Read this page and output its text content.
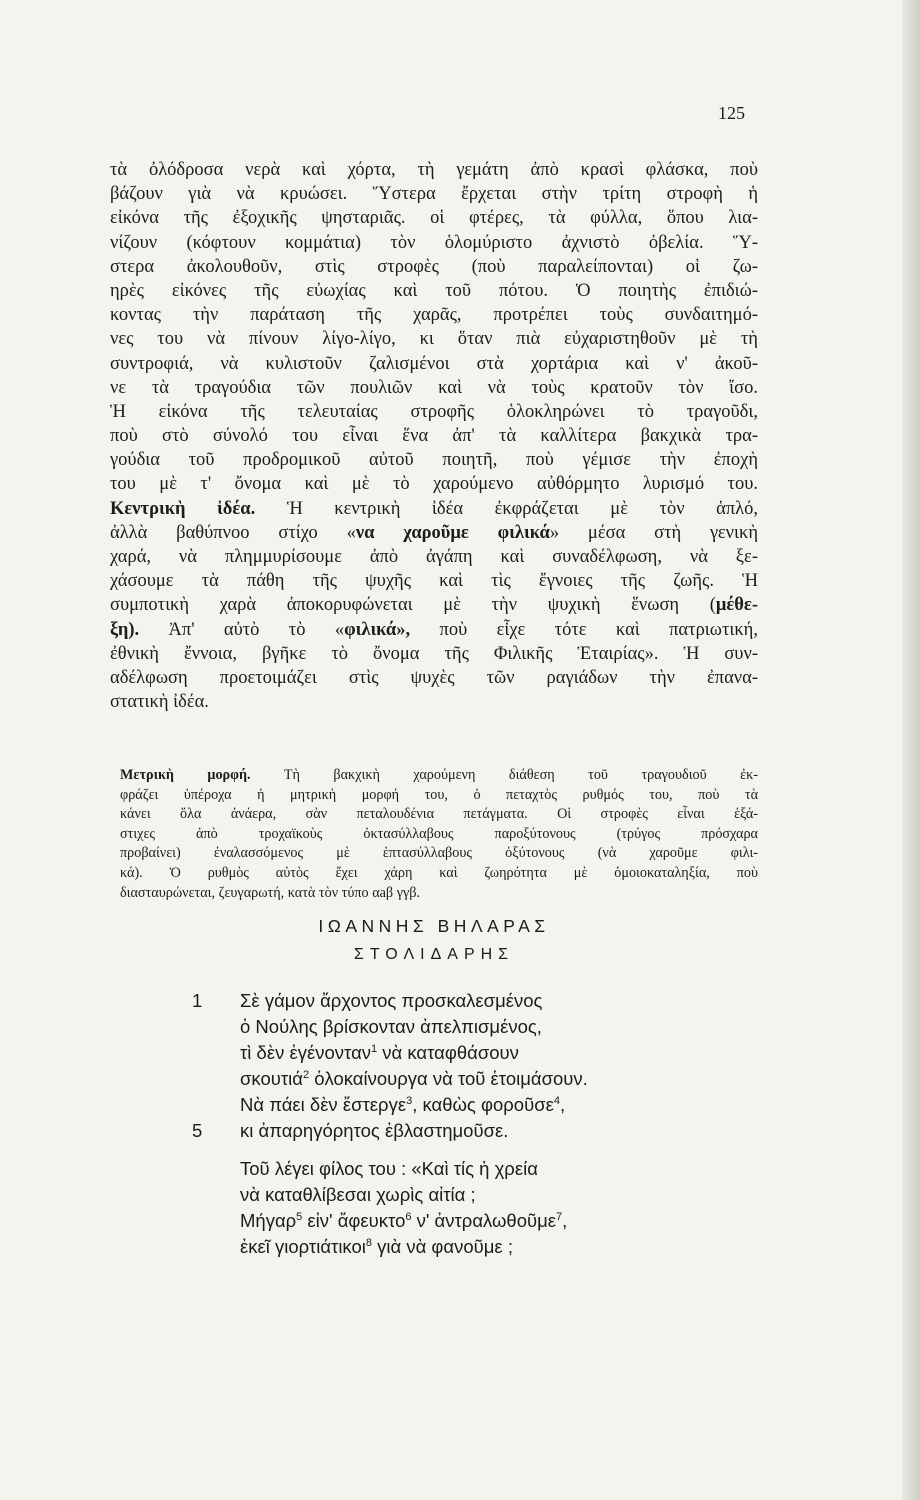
125
τὰ ὀλόδροσα νερὰ καὶ χόρτα, τὴ γεμάτη ἀπὸ κρασὶ φλάσκα, ποὺ
βάζουν γιὰ νὰ κρυώσει. Ὕστερα ἔρχεται στὴν τρίτη στροφὴ ἡ
εἰκόνα τῆς ἐξοχικῆς ψησταριᾶς. οἱ φτέρες, τὰ φύλλα, ὅπου λια-
νίζουν (κόφτουν κομμάτια) τὸν ὁλομύριστο ἀχνιστὸ ὀβελία. Ὕ-
στερα ἀκολουθοῦν, στὶς στροφὲς (ποὺ παραλείπονται) οἱ ζω-
ηρὲς εἰκόνες τῆς εὐωχίας καὶ τοῦ πότου. Ὁ ποιητὴς ἐπιδιώ-
κοντας τὴν παράταση τῆς χαρᾶς, προτρέπει τοὺς συνδαιτημό-
νες του νὰ πίνουν λίγο-λίγο, κι ὅταν πιὰ εὐχαριστηθοῦν μὲ τὴ
συντροφιά, νὰ κυλιστοῦν ζαλισμένοι στὰ χορτάρια καὶ ν' ἀκοῦ-
νε τὰ τραγούδια τῶν πουλιῶν καὶ νὰ τοὺς κρατοῦν τὸν ἴσο.
Ἡ εἰκόνα τῆς τελευταίας στροφῆς ὁλοκληρώνει τὸ τραγοῦδι,
ποὺ στὸ σύνολό του εἶναι ἕνα ἀπ' τὰ καλλίτερα βακχικὰ τρα-
γούδια τοῦ προδρομικοῦ αὐτοῦ ποιητῆ, ποὺ γέμισε τὴν ἐποχὴ
του μὲ τ' ὄνομα καὶ μὲ τὸ χαρούμενο αὐθόρμητο λυρισμό του.
Κεντρικὴ ἰδέα. Ἡ κεντρικὴ ἰδέα ἐκφράζεται μὲ τὸν ἁπλό,
ἀλλὰ βαθύπνοο στίχο «να χαροῦμε φιλικά» μέσα στὴ γενικὴ
χαρά, νὰ πλημμυρίσουμε ἀπὸ ἀγάπη καὶ συναδέλφωση, νὰ ξε-
χάσουμε τὰ πάθη τῆς ψυχῆς καὶ τὶς ἔγνοιες τῆς ζωῆς. Ἡ
συμποτικὴ χαρὰ ἀποκορυφώνεται μὲ τὴν ψυχικὴ ἕνωση (μέθε-
ξη). Ἀπ' αὐτὸ τὸ «φιλικά», ποὺ εἶχε τότε καὶ πατριωτική,
ἐθνικὴ ἔννοια, βγῆκε τὸ ὄνομα τῆς Φιλικῆς Ἑταιρίας». Ἡ συν-
αδέλφωση προετοιμάζει στὶς ψυχὲς τῶν ραγιάδων τὴν ἐπανα-
στατικὴ ἰδέα.
Μετρικὴ μορφή. Τὴ βακχικὴ χαρούμενη διάθεση τοῦ τραγουδιοῦ ἐκ-
φράζει ὑπέροχα ἡ μητρικὴ μορφή του, ὁ πεταχτὸς ρυθμός του, ποὺ τὰ
κάνει ὅλα ἀνάερα, σὰν πεταλουδένια πετάγματα. Οἱ στροφὲς εἶναι ἑξά-
στιχες ἀπὸ τροχαϊκοὺς ὀκτασύλλαβους παροξύτονους (τρύγος πρόσχαρα
προβαίνει) ἐναλασσόμενος μὲ ἑπτασύλλαβους ὀξύτονους (νὰ χαροῦμε φιλι-
κά). Ὁ ρυθμὸς αὐτὸς ἔχει χάρη καὶ ζωηρότητα μὲ ὁμοιοκαταληξία, ποὺ
διασταυρώνεται, ζευγαρωτή, κατὰ τὸν τύπο αaβ γγβ.
ΙΩΑΝΝΗΣ ΒΗΛΑΡΑΣ
ΣΤΟΛΙΔΑΡΗΣ
1 Σὲ γάμον ἄρχοντος προσκαλεσμένος
ὁ Νούλης βρίσκονταν ἀπελπισμένος,
τὶ δὲν ἐγένονταν$^1$ νὰ καταφθάσουν
σκουτιά$^2$ ὁλοκαίνουργα νὰ τοῦ ἑτοιμάσουν.
Νὰ πάει δὲν ἔστεργε$^3$, καθὼς φοροῦσε$^4$,
5 κι ἀπαρηγόρητος ἐβλαστημοῦσε.
Τοῦ λέγει φίλος του : «Καὶ τίς ἡ χρεία
νὰ καταθλίβεσαι χωρὶς αἰτία ;
Μήγαρ$^5$ εἰν' ἄφευκτο$^6$ ν' ἀντραλωθοῦμε$^7$,
ἐκεῖ γιορτιάτικοι$^8$ γιὰ νὰ φανοῦμε ;
